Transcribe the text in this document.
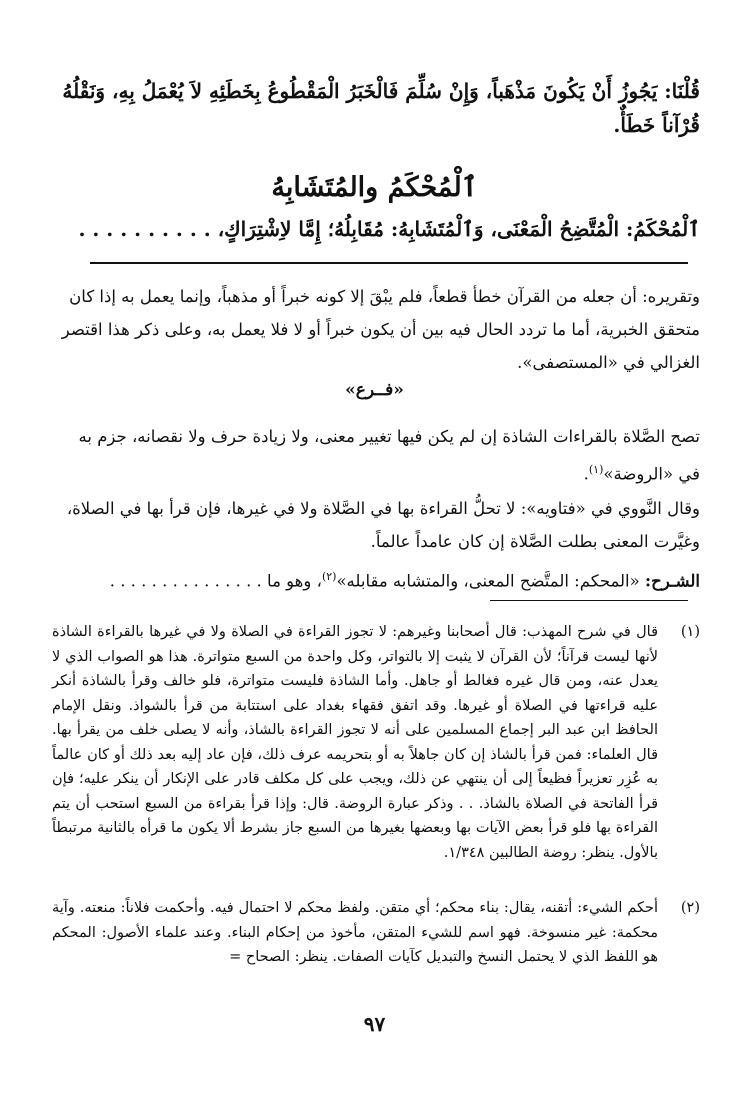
قُلْنَا: يَجُوزُ أَنْ يَكُونَ مَذْهَباً، وَإِنْ سُلِّمَ فَالْخَبَرُ الْمَقْطُوعُ بِخَطَئِهِ لاَ يُعْمَلُ بِهِ، وَنَقْلُهُ قُرْآناً خَطَأٌ.
ٱلْمُحْكَمُ والمُتَشَابِهُ
ٱلْمُحْكَمُ: الْمُتَّضِحُ الْمَعْنَى، وَٱلْمُتَشَابِهُ: مُقَابِلُهُ؛ إِمَّا لاِشْتِرَاكٍ، . . . . . . . . . .
وتقريره: أن جعله من القرآن خطأ قطعاً، فلم يبْقَ إلا كونه خبراً أو مذهباً، وإنما يعمل به إذا كان متحقق الخبرية، أما ما تردد الحال فيه بين أن يكون خبراً أو لا فلا يعمل به، وعلى ذكر هذا اقتصر الغزالي في «المستصفى».
«فــرع»
تصح الصَّلاة بالقراءات الشاذة إن لم يكن فيها تغيير معنى، ولا زيادة حرف ولا نقصانه، جزم به في «الروضة»$^{(١)}$.
وقال النَّووي في «فتاويه»: لا تحلُّ القراءة بها في الصَّلاة ولا في غيرها، فإن قرأ بها في الصلاة، وغيَّرت المعنى بطلت الصَّلاة إن كان عامداً عالماً.
الشـرح: «المحكم: المتَّضح المعنى، والمتشابه مقابله»$^{(٢)}$، وهو ما . . . . . . . . . . . . . . .
(١)
قال في شرح المهذب: قال أصحابنا وغيرهم: لا تجوز القراءة في الصلاة ولا في غيرها بالقراءة الشاذة لأنها ليست قرآناً؛ لأن القرآن لا يثبت إلا بالتواتر، وكل واحدة من السبع متواترة. هذا هو الصواب الذي لا يعدل عنه، ومن قال غيره فغالط أو جاهل. وأما الشاذة فليست متواترة، فلو خالف وقرأ بالشاذة أنكر عليه قراءتها في الصلاة أو غيرها. وقد اتفق فقهاء بغداد على استتابة من قرأ بالشواذ. ونقل الإمام الحافظ ابن عبد البر إجماع المسلمين على أنه لا تجوز القراءة بالشاذ، وأنه لا يصلى خلف من يقرأ بها. قال العلماء: فمن قرأ بالشاذ إن كان جاهلاً به أو بتحريمه عرف ذلك، فإن عاد إليه بعد ذلك أو كان عالماً به عُزِر تعزيراً فظيعاً إلى أن ينتهي عن ذلك، ويجب على كل مكلف قادر على الإنكار أن ينكر عليه؛ فإن قرأ الفاتحة في الصلاة بالشاذ. . . وذكر عبارة الروضة. قال: وإذا قرأ بقراءة من السبع استحب أن يتم القراءة بها فلو قرأ بعض الآيات بها وبعضها بغيرها من السبع جاز بشرط ألا يكون ما قرأه بالثانية مرتبطاً بالأول. ينظر: روضة الطالبين ١/٣٤٨.
(٢)
أحكم الشيء: أتقنه، يقال: بناء محكم؛ أي متقن. ولفظ محكم لا احتمال فيه. وأحكمت فلاناً: منعته. وآية محكمة: غير منسوخة. فهو اسم للشيء المتقن، مأخوذ من إحكام البناء. وعند علماء الأصول: المحكم هو اللفظ الذي لا يحتمل النسخ والتبديل كآيات الصفات. ينظر: الصحاح =
٩٧
